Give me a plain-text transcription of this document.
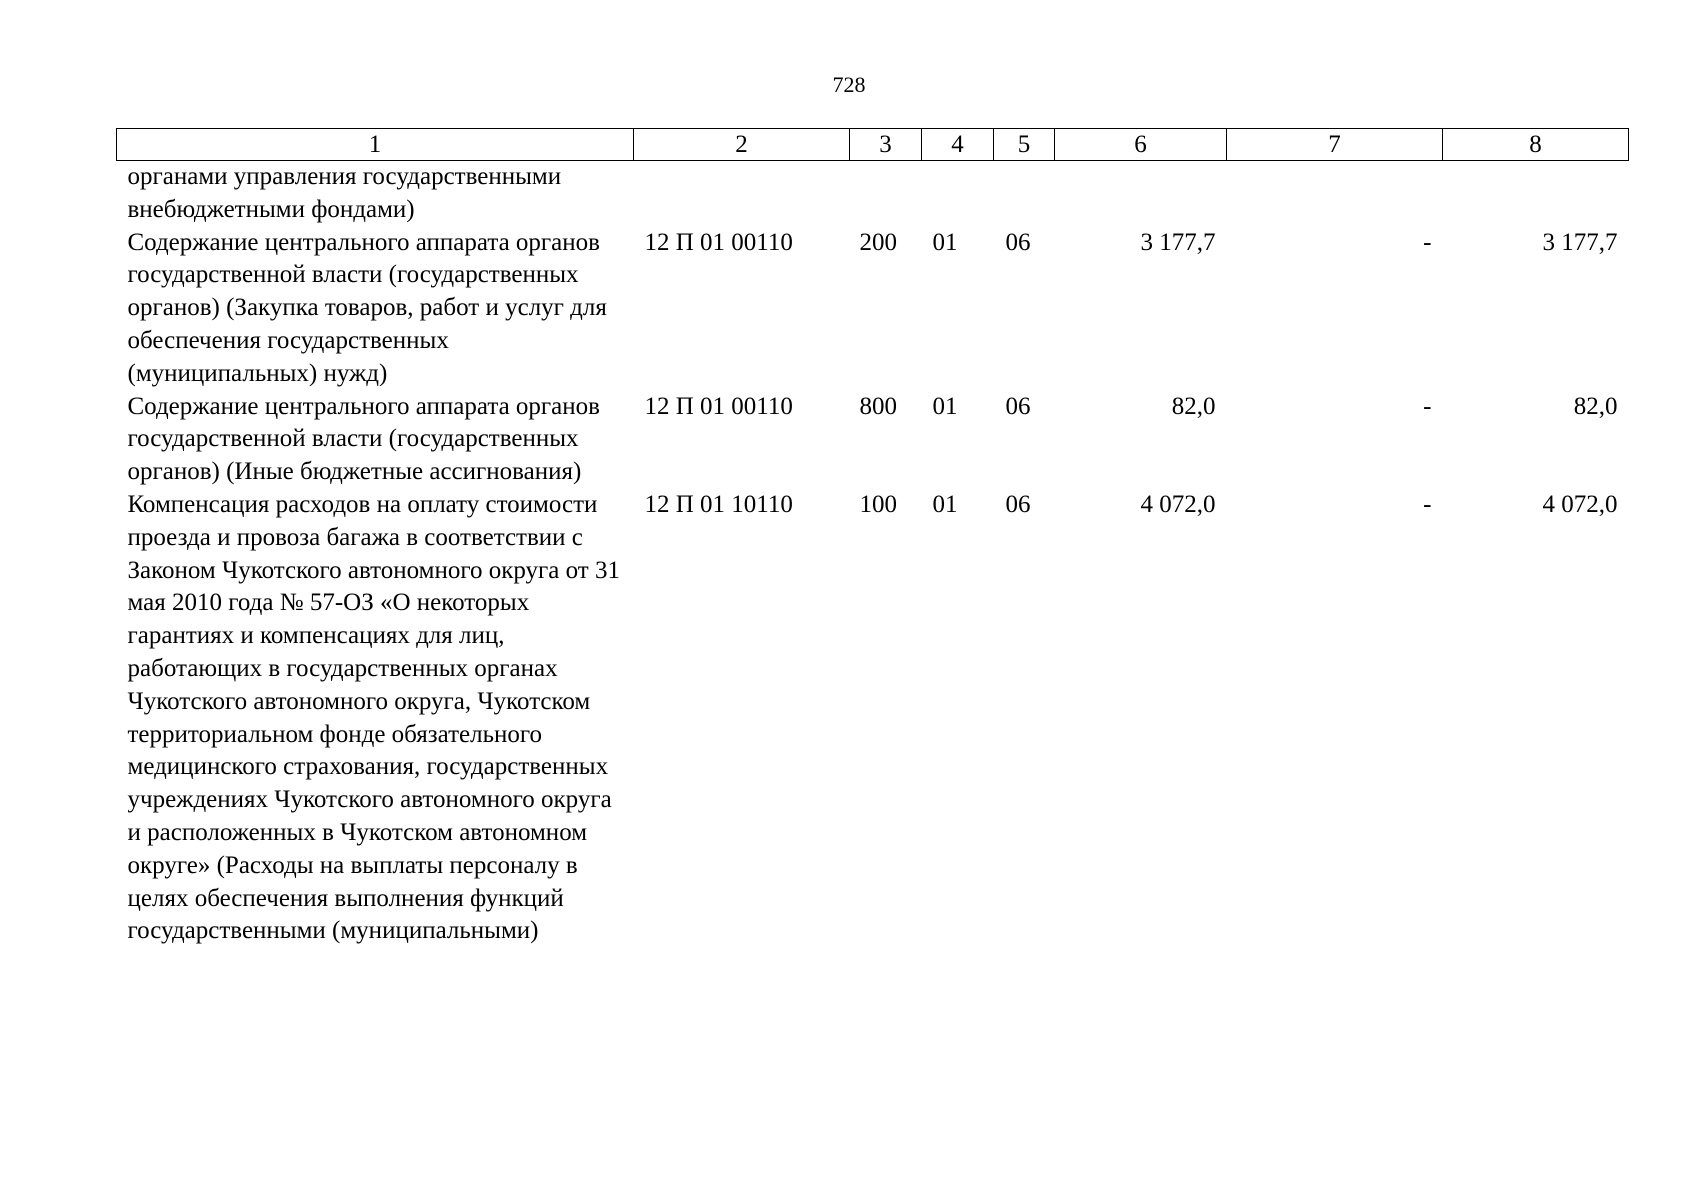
728
1	2	3	4	5	6	7	8
органами управления государственными внебюджетными фондами)							
Содержание центрального аппарата органов государственной власти (государственных органов) (Закупка товаров, работ и услуг для обеспечения государственных (муниципальных) нужд)	12 П 01 00110	200	01	06	3 177,7	-	3 177,7
Содержание центрального аппарата органов государственной власти (государственных органов) (Иные бюджетные ассигнования)	12 П 01 00110	800	01	06	82,0	-	82,0
Компенсация расходов на оплату стоимости проезда и провоза багажа в соответствии с Законом Чукотского автономного округа от 31 мая 2010 года № 57-ОЗ «О некоторых гарантиях и компенсациях для лиц, работающих в государственных органах Чукотского автономного округа, Чукотском территориальном фонде обязательного медицинского страхования, государственных учреждениях Чукотского автономного округа и расположенных в Чукотском автономном округе» (Расходы на выплаты персоналу в целях обеспечения выполнения функций государственными (муниципальными)	12 П 01 10110	100	01	06	4 072,0	-	4 072,0
